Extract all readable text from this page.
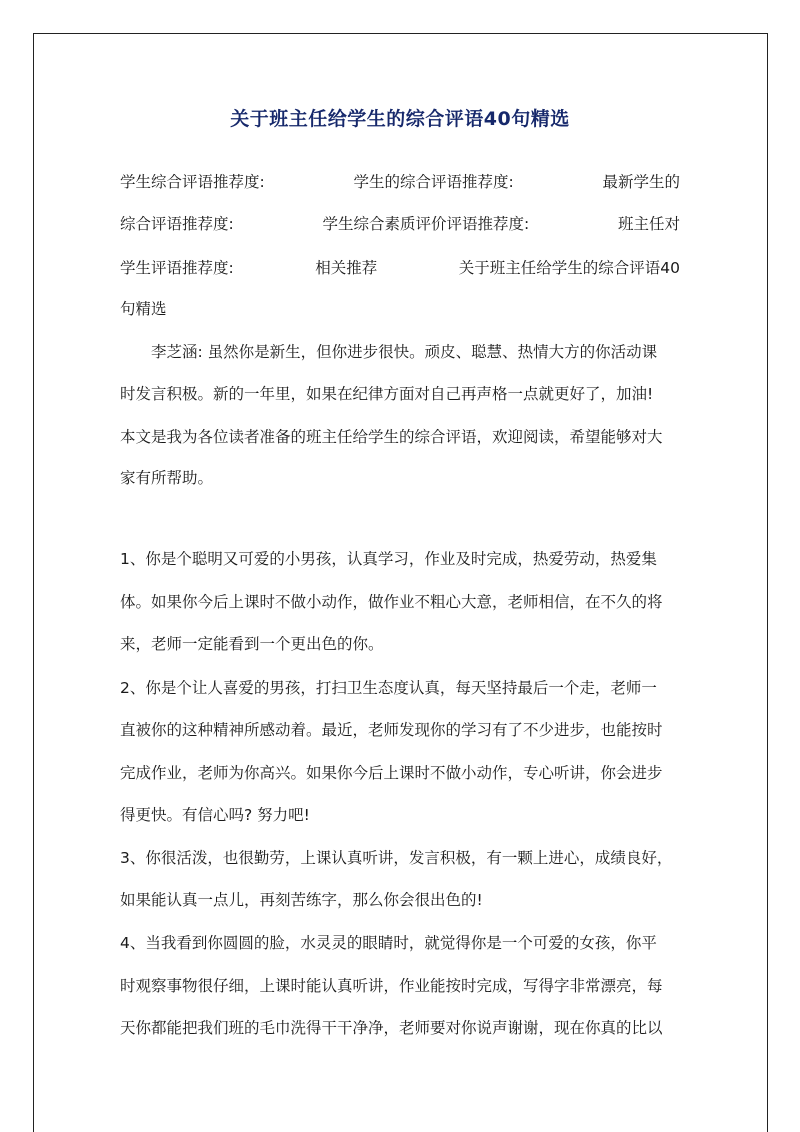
关于班主任给学生的综合评语40句精选
学生综合评语推荐度:	学生的综合评语推荐度:	最新学生的
综合评语推荐度:	学生综合素质评价评语推荐度:	班主任对
学生评语推荐度:	相关推荐	关于班主任给学生的综合评语40
句精选
李芝涵: 虽然你是新生，但你进步很快。顽皮、聪慧、热情大方的你活动课
时发言积极。新的一年里，如果在纪律方面对自己再声格一点就更好了，加油!
本文是我为各位读者准备的班主任给学生的综合评语，欢迎阅读，希望能够对大
家有所帮助。
1、你是个聪明又可爱的小男孩，认真学习，作业及时完成，热爱劳动，热爱集
体。如果你今后上课时不做小动作，做作业不粗心大意，老师相信，在不久的将
来，老师一定能看到一个更出色的你。
2、你是个让人喜爱的男孩，打扫卫生态度认真，每天坚持最后一个走，老师一
直被你的这种精神所感动着。最近，老师发现你的学习有了不少进步，也能按时
完成作业，老师为你高兴。如果你今后上课时不做小动作，专心听讲，你会进步
得更快。有信心吗? 努力吧!
3、你很活泼，也很勤劳，上课认真听讲，发言积极，有一颗上进心，成绩良好，
如果能认真一点儿，再刻苦练字，那么你会很出色的!
4、当我看到你圆圆的脸，水灵灵的眼睛时，就觉得你是一个可爱的女孩，你平
时观察事物很仔细，上课时能认真听讲，作业能按时完成，写得字非常漂亮，每
天你都能把我们班的毛巾洗得干干净净，老师要对你说声谢谢，现在你真的比以
